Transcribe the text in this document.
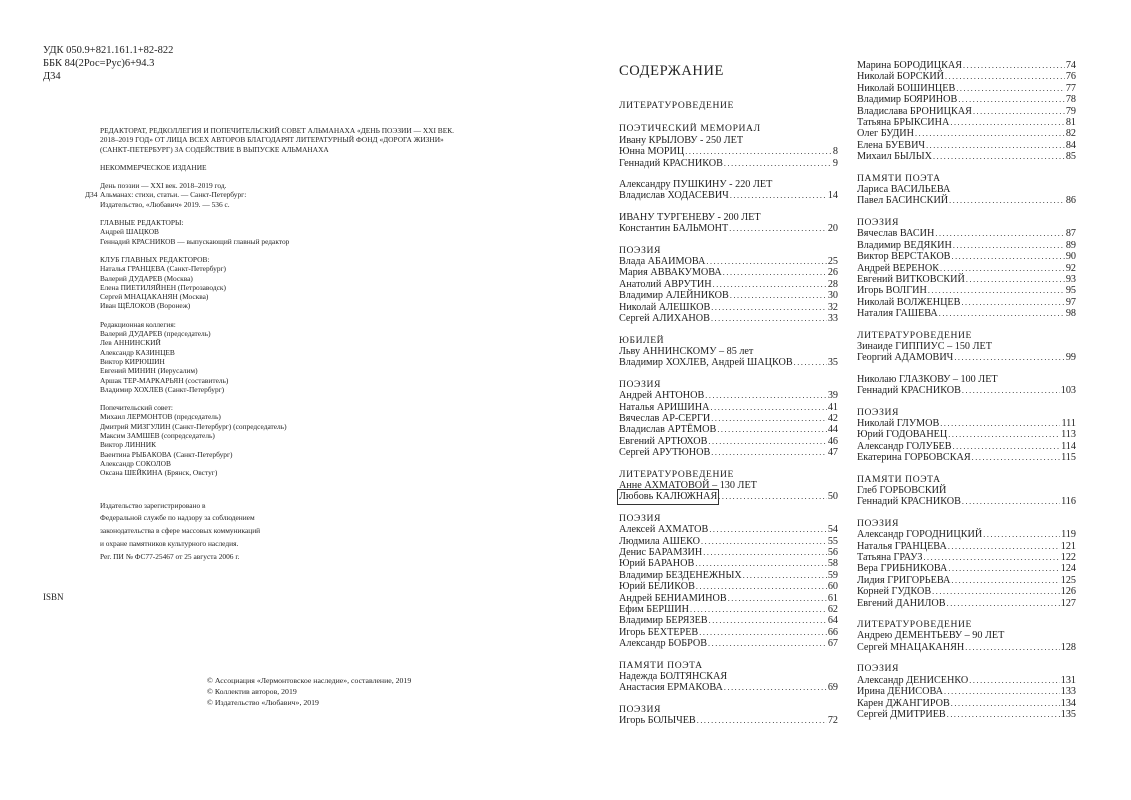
УДК 050.9+821.161.1+82-822
ББК 84(2Рос=Рус)6+94.3
Д34
РЕДАКТОРАТ, РЕДКОЛЛЕГИЯ И ПОПЕЧИТЕЛЬСКИЙ СОВЕТ АЛЬМАНАХА «ДЕНЬ ПОЭЗИИ — XXI ВЕК.
2018–2019 ГОД» ОТ ЛИЦА ВСЕХ АВТОРОВ БЛАГОДАРЯТ ЛИТЕРАТУРНЫЙ ФОНД «ДОРОГА ЖИЗНИ»
(САНКТ-ПЕТЕРБУРГ) ЗА СОДЕЙСТВИЕ В ВЫПУСКЕ АЛЬМАНАХА
НЕКОММЕРЧЕСКОЕ ИЗДАНИЕ
Д34
День поэзии — XXI век. 2018–2019 год.
Альманах: стихи, статьи. — Санкт-Петербург:
Издательство, «Любавич» 2019. — 536 с.
ГЛАВНЫЕ РЕДАКТОРЫ:
Андрей ШАЦКОВ
Геннадий КРАСНИКОВ — выпускающий главный редактор
КЛУБ ГЛАВНЫХ РЕДАКТОРОВ:
Наталья ГРАНЦЕВА (Санкт-Петербург)
Валерий ДУДАРЕВ (Москва)
Елена ПИЕТИЛЯЙНЕН (Петрозаводск)
Сергей МНАЦАКАНЯН (Москва)
Иван ЩЁЛОКОВ (Воронеж)
Редакционная коллегия:
Валерий ДУДАРЕВ (председатель)
Лев АННИНСКИЙ
Александр КАЗИНЦЕВ
Виктор КИРЮШИН
Евгений МИНИН (Иерусалим)
Аршак ТЕР-МАРКАРЬЯН (составитель)
Владимир ХОХЛЕВ (Санкт-Петербург)
Попечительский совет:
Михаил ЛЕРМОНТОВ (председатель)
Дмитрий МИЗГУЛИН (Санкт-Петербург) (сопредседатель)
Максим ЗАМШЕВ (сопредседатель)
Виктор ЛИННИК
Ваентина РЫБАКОВА (Санкт-Петербург)
Александр СОКОЛОВ
Оксана ШЕЙКИНА (Брянск, Овстуг)
Издательство зарегистрировано в
Федеральной службе по надзору за соблюдением
законодательства в сфере массовых коммуникаций
и охране памятников культурного наследия.
Рег. ПИ № ФС77-25467 от 25 августа 2006 г.
ISBN
© Ассоциация «Лермонтовское наследие», составление, 2019
© Коллектив авторов, 2019
© Издательство «Любавич», 2019
СОДЕРЖАНИЕ
ЛИТЕРАТУРОВЕДЕНИЕ
ПОЭТИЧЕСКИЙ МЕМОРИАЛ
Ивану КРЫЛОВУ - 250 ЛЕТ
Юнна МОРИЦ . . .	8
Геннадий КРАСНИКОВ . . .	9
Александру ПУШКИНУ - 220 ЛЕТ
Владислав ХОДАСЕВИЧ . . .	14
ИВАНУ ТУРГЕНЕВУ - 200 ЛЕТ
Константин БАЛЬМОНТ . . .	20
ПОЭЗИЯ
Влада АБАИМОВА . . .	25
Мария АВВАКУМОВА . . .	26
Анатолий АВРУТИН . . .	28
Владимир АЛЕЙНИКОВ . . .	30
Николай АЛЕШКОВ . . .	32
Сергей АЛИХАНОВ . . .	33
ЮБИЛЕЙ
Льву АННИНСКОМУ – 85 лет
Владимир ХОХЛЕВ, Андрей ШАЦКОВ . . .	35
ПОЭЗИЯ
Андрей АНТОНОВ . . .	39
Наталья АРИШИНА . . .	41
Вячеслав АР-СЕРГИ . . .	42
Владислав АРТЁМОВ . . .	44
Евгений АРТЮХОВ . . .	46
Сергей АРУТЮНОВ . . .	47
ЛИТЕРАТУРОВЕДЕНИЕ
Анне АХМАТОВОЙ – 130 ЛЕТ
Любовь КАЛЮЖНАЯ . . .	50
ПОЭЗИЯ
Алексей АХМАТОВ . . .	54
Людмила АШЕКО . . .	55
Денис БАРАМЗИН . . .	56
Юрий БАРАНОВ . . .	58
Владимир БЕЗДЕНЕЖНЫХ . . .	59
Юрий БЕЛИКОВ . . .	60
Андрей БЕНИАМИНОВ . . .	61
Ефим БЕРШИН . . .	62
Владимир БЕРЯЗЕВ . . .	64
Игорь БЕХТЕРЕВ . . .	66
Александр БОБРОВ . . .	67
ПАМЯТИ ПОЭТА
Надежда БОЛТЯНСКАЯ
Анастасия ЕРМАКОВА . . .	69
ПОЭЗИЯ
Игорь БОЛЫЧЕВ . . .	72
Марина БОРОДИЦКАЯ . . .	74
Николай БОРСКИЙ . . .	76
Николай БОШИНЦЕВ . . .	77
Владимир БОЯРИНОВ . . .	78
Владислава БРОНИЦКАЯ . . .	79
Татьяна БРЫКСИНА . . .	81
Олег БУДИН . . .	82
Елена БУЕВИЧ . . .	84
Михаил БЫЛЫХ . . .	85
ПАМЯТИ ПОЭТА
Лариса ВАСИЛЬЕВА
Павел БАСИНСКИЙ . . .	86
ПОЭЗИЯ
Вячеслав ВАСИН . . .	87
Владимир ВЕДЯКИН . . .	89
Виктор ВЕРСТАКОВ . . .	90
Андрей ВЕРЕНОК . . .	92
Евгений ВИТКОВСКИЙ . . .	93
Игорь ВОЛГИН . . .	95
Николай ВОЛЖЕНЦЕВ . . .	97
Наталия ГАШЕВА . . .	98
ЛИТЕРАТУРОВЕДЕНИЕ
Зинаиде ГИППИУС – 150 ЛЕТ
Георгий АДАМОВИЧ . . .	99
Николаю ГЛАЗКОВУ – 100 ЛЕТ
Геннадий КРАСНИКОВ . . .	103
ПОЭЗИЯ
Николай ГЛУМОВ . . .	111
Юрий ГОДОВАНЕЦ . . .	113
Александр ГОЛУБЕВ . . .	114
Екатерина ГОРБОВСКАЯ . . .	115
ПАМЯТИ ПОЭТА
Глеб ГОРБОВСКИЙ
Геннадий КРАСНИКОВ . . .	116
ПОЭЗИЯ
Александр ГОРОДНИЦКИЙ . . .	119
Наталья ГРАНЦЕВА . . .	121
Татьяна ГРАУЗ . . .	122
Вера ГРИБНИКОВА . . .	124
Лидия ГРИГОРЬЕВА . . .	125
Корней ГУДКОВ . . .	126
Евгений ДАНИЛОВ . . .	127
ЛИТЕРАТУРОВЕДЕНИЕ
Андрею ДЕМЕНТЬЕВУ – 90 ЛЕТ
Сергей МНАЦАКАНЯН . . .	128
ПОЭЗИЯ
Александр ДЕНИСЕНКО . . .	131
Ирина ДЕНИСОВА . . .	133
Карен ДЖАНГИРОВ . . .	134
Сергей ДМИТРИЕВ . . .	135
